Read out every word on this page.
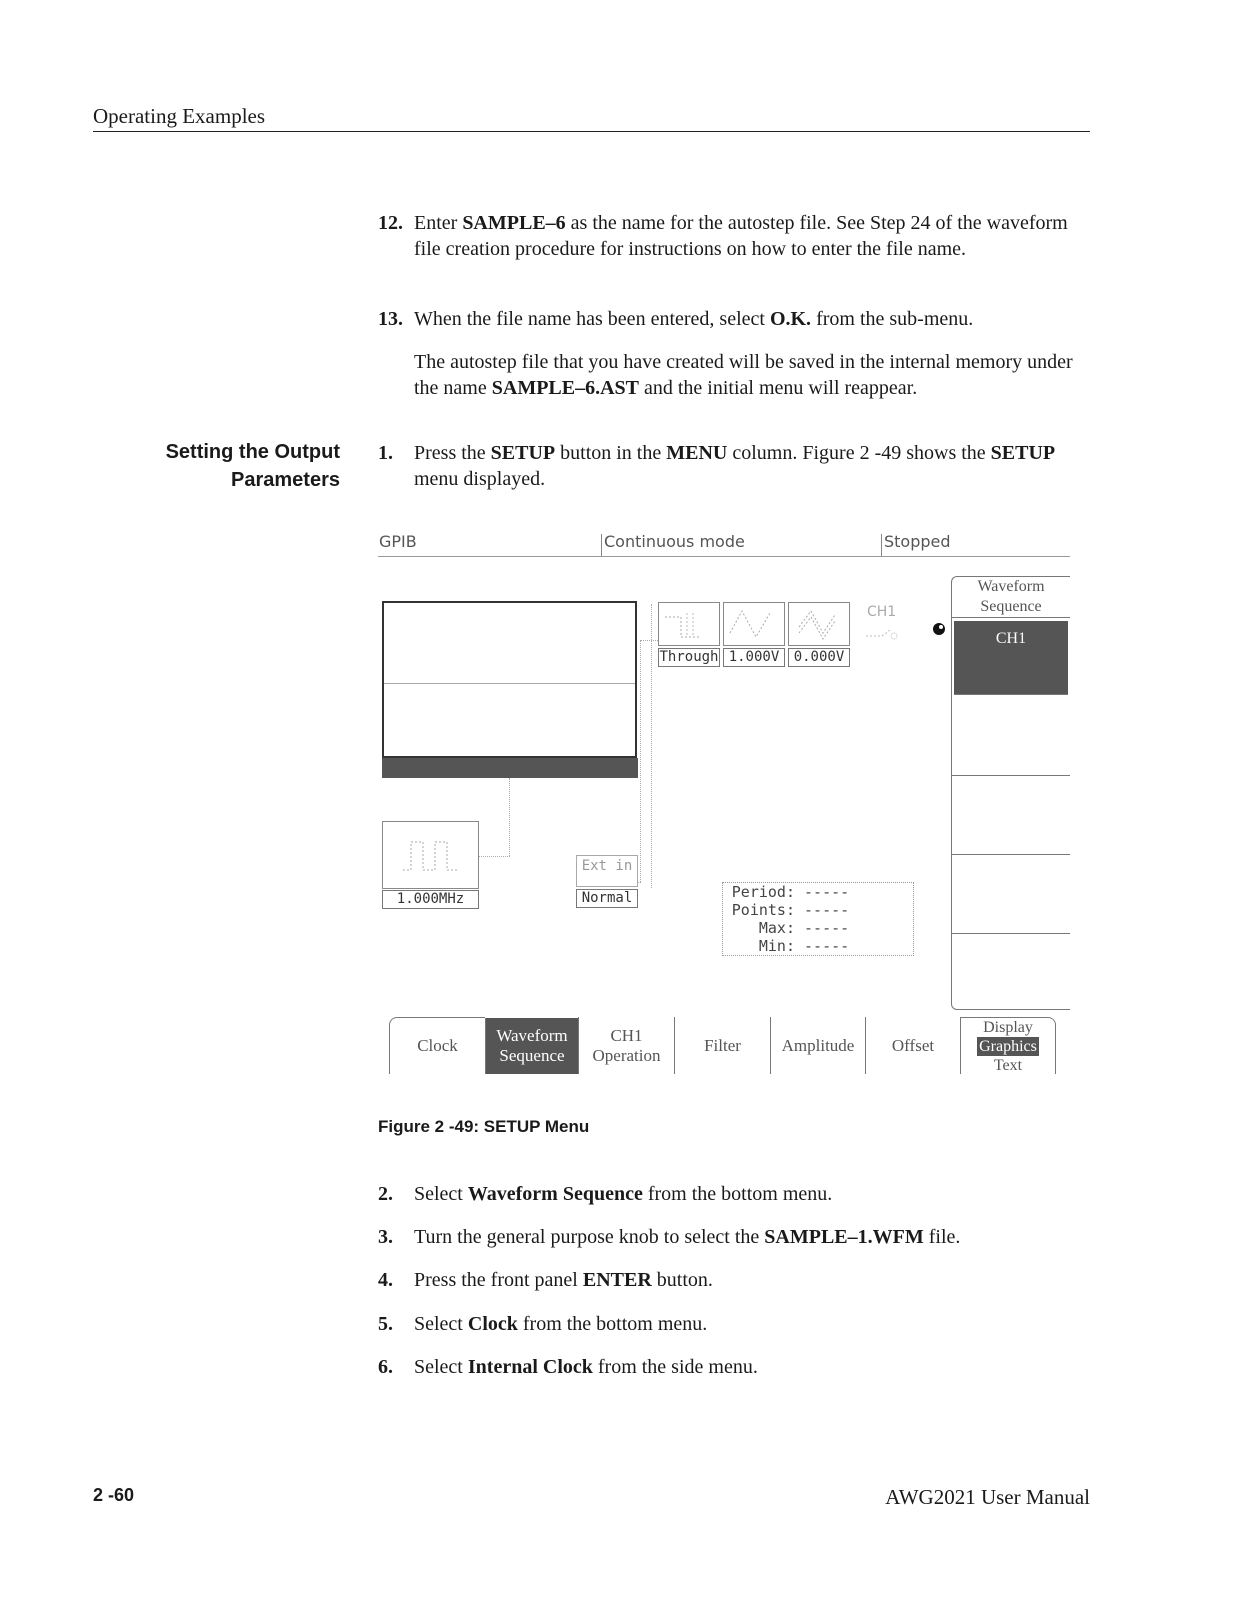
Operating Examples
12. Enter SAMPLE–6 as the name for the autostep file. See Step 24 of the waveform file creation procedure for instructions on how to enter the file name.
13. When the file name has been entered, select O.K. from the sub-menu.
The autostep file that you have created will be saved in the internal memory under the name SAMPLE–6.AST and the initial menu will reappear.
Setting the Output
Parameters
1. Press the SETUP button in the MENU column. Figure 2 -49 shows the SETUP menu displayed.
GPIB	Continuous mode	Stopped
Through 1.000V	0.000V
CH1
1.000MHz
Ext in
Normal	Period:
-----
Points:
-----
Max:
-----
Min:
-----
Waveform
Sequence
CH1
Clock
Waveform
Sequence
CH1
Operation
Filter Amplitude Offset
Display
Graphics
Text
Figure 2 -49: SETUP Menu
2. Select Waveform Sequence from the bottom menu.
3. Turn the general purpose knob to select the SAMPLE–1.WFM file.
4. Press the front panel ENTER button.
5. Select Clock from the bottom menu.
6. Select Internal Clock from the side menu.
2 -60	AWG2021 User Manual
